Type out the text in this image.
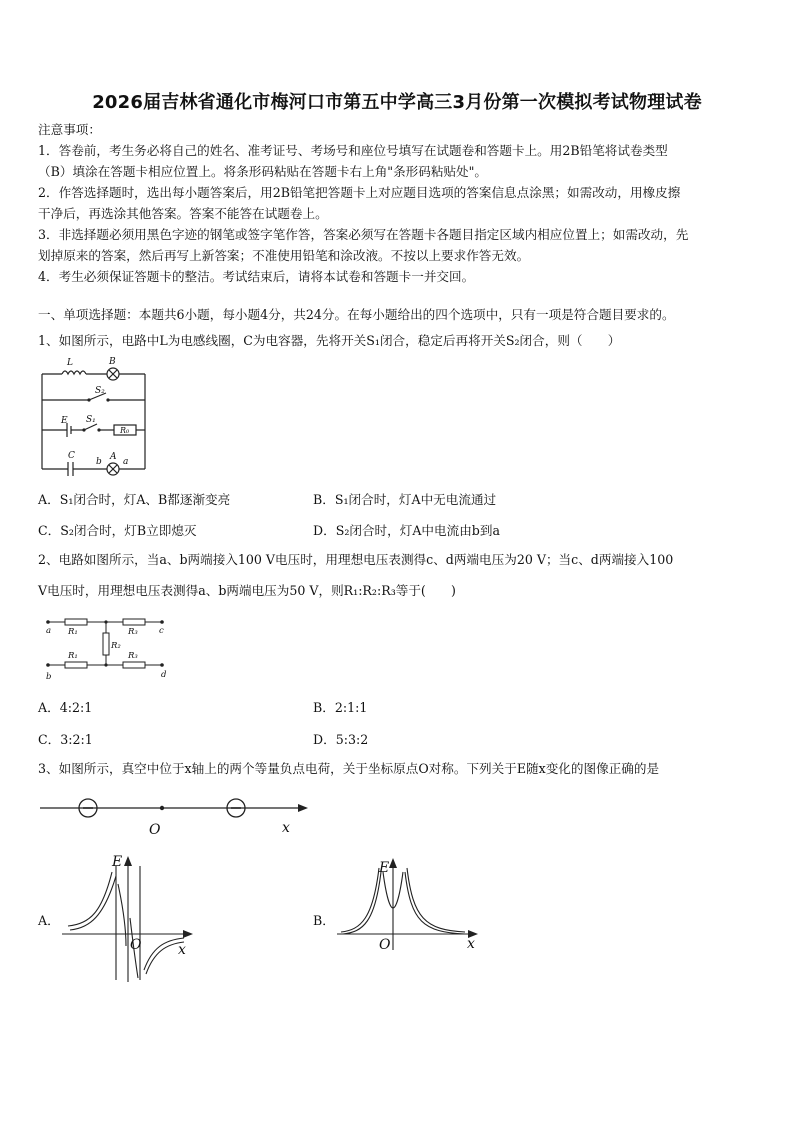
2026届吉林省通化市梅河口市第五中学高三3月份第一次模拟考试物理试卷

注意事项：

1．答卷前，考生务必将自己的姓名、准考证号、考场号和座位号填写在试题卷和答题卡上。用2B铅笔将试卷类型

（B）填涂在答题卡相应位置上。将条形码粘贴在答题卡右上角"条形码粘贴处"。

2．作答选择题时，选出每小题答案后，用2B铅笔把答题卡上对应题目选项的答案信息点涂黑；如需改动，用橡皮擦

干净后，再选涂其他答案。答案不能答在试题卷上。

3．非选择题必须用黑色字迹的钢笔或签字笔作答，答案必须写在答题卡各题目指定区域内相应位置上；如需改动，先

划掉原来的答案，然后再写上新答案；不准使用铅笔和涂改液。不按以上要求作答无效。

4．考生必须保证答题卡的整洁。考试结束后，请将本试卷和答题卡一并交回。

一、单项选择题：本题共6小题，每小题4分，共24分。在每小题给出的四个选项中，只有一项是符合题目要求的。
1、如图所示，电路中L为电感线圈，C为电容器，先将开关S₁闭合，稳定后再将开关S₂闭合，则（　　）
L	B
S₂
E S₁
R₀
C
b A a
A．S₁闭合时，灯A、B都逐渐变亮	B．S₁闭合时，灯A中无电流通过
C．S₂闭合时，灯B立即熄灭	D．S₂闭合时，灯A中电流由b到a
2、电路如图所示，当a、b两端接入100 V电压时，用理想电压表测得c、d两端电压为20 V；当c、d两端接入100
V电压时，用理想电压表测得a、b两端电压为50 V，则R₁:R₂:R₃等于(　　)
a
b
c
d
R₁	R₃
R₂
R₁	R₃
A．4:2:1	B．2:1:1
C．3:2:1	D．5:3:2
3、如图所示，真空中位于x轴上的两个等量负点电荷，关于坐标原点O对称。下列关于E随x变化的图像正确的是
O	x
A．
E
O	x
B．
E
O	x
